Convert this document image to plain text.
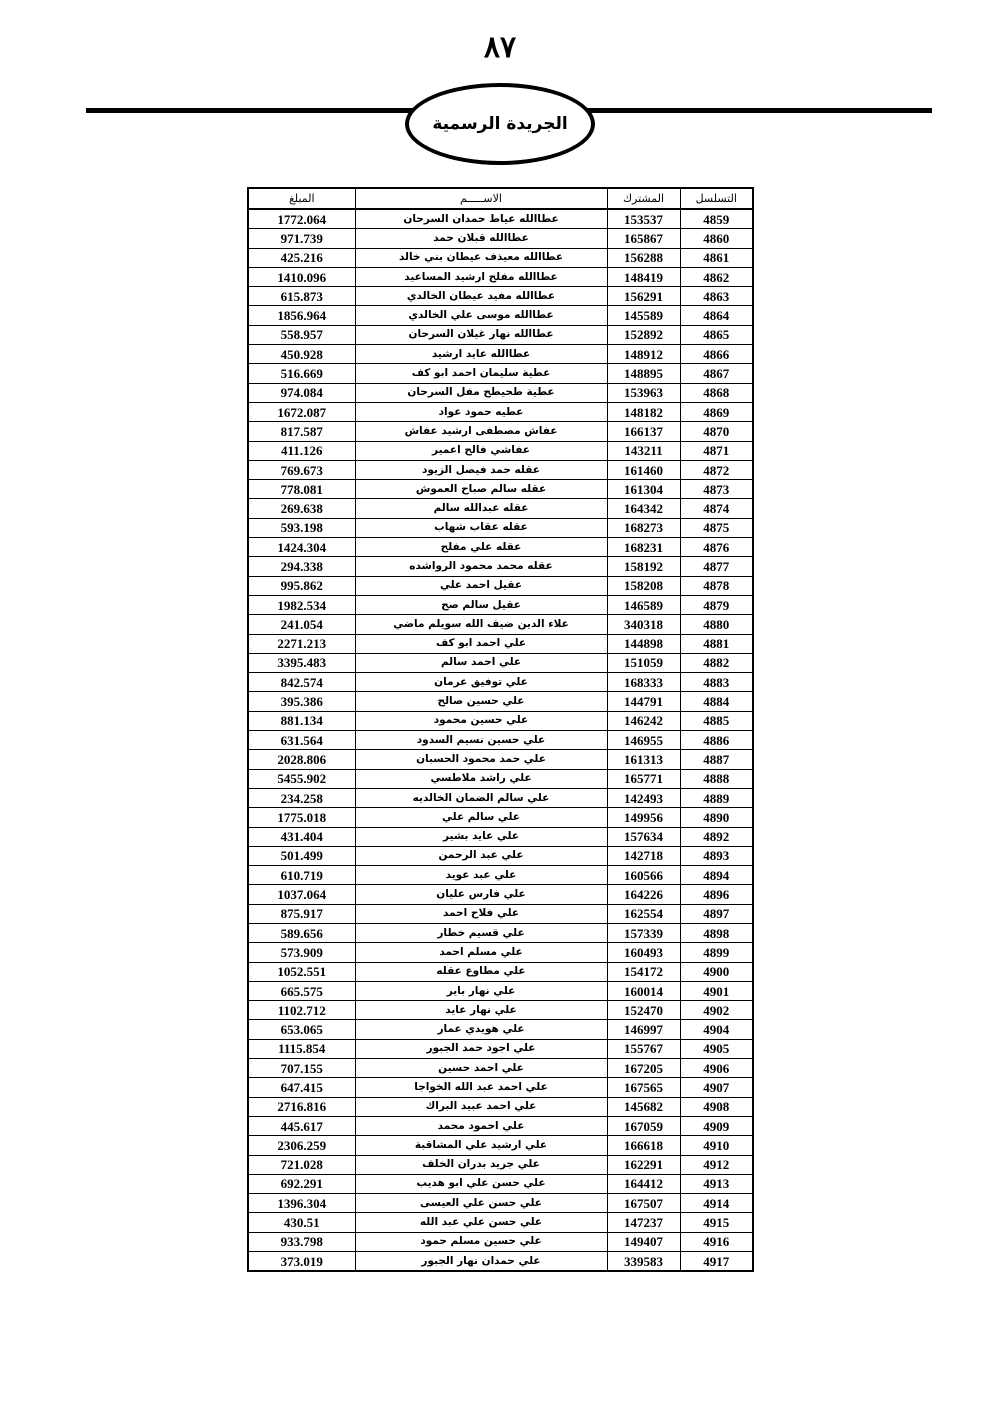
٨٧
الجريدة الرسمية
المبلغ	الاســـــم	المشترك	التسلسل
1772.064	عطاالله عياط حمدان السرحان	153537	4859
971.739	عطاالله قبلان حمد	165867	4860
425.216	عطاالله معيذف عيطان بني خالد	156288	4861
1410.096	عطاالله مفلح ارشيد المساعيد	148419	4862
615.873	عطاالله مفيد عيطان الخالدي	156291	4863
1856.964	عطاالله موسى علي الخالدي	145589	4864
558.957	عطاالله نهار غيلان السرحان	152892	4865
450.928	عطاالله عايد ارشيد	148912	4866
516.669	عطية سليمان احمد ابو كف	148895	4867
974.084	عطية طحيطح مفل السرحان	153963	4868
1672.087	عطيه حمود عواد	148182	4869
817.587	عفاش مصطفى ارشيد عفاش	166137	4870
411.126	عفاشي فالح اعمير	143211	4871
769.673	عقله حمد فيصل الزيود	161460	4872
778.081	عقله سالم صباح العموش	161304	4873
269.638	عقله عبدالله سالم	164342	4874
593.198	عقله عقاب شهاب	168273	4875
1424.304	عقله علي مفلح	168231	4876
294.338	عقله محمد محمود الرواشده	158192	4877
995.862	عقيل احمد علي	158208	4878
1982.534	عقيل سالم صح	146589	4879
241.054	علاء الدين ضيف الله سويلم ماضي	340318	4880
2271.213	علي احمد ابو كف	144898	4881
3395.483	علي احمد سالم	151059	4882
842.574	علي توفيق عرمان	168333	4883
395.386	علي حسين صالح	144791	4884
881.134	علي حسين محمود	146242	4885
631.564	علي حسين نسيم السدود	146955	4886
2028.806	علي حمد محمود الحسبان	161313	4887
5455.902	علي راشد ملاطسي	165771	4888
234.258	علي سالم الضمان الخالديه	142493	4889
1775.018	علي سالم علي	149956	4890
431.404	علي عايد بشير	157634	4892
501.499	علي عبد الرحمن	142718	4893
610.719	علي عبد عويد	160566	4894
1037.064	علي فارس عليان	164226	4896
875.917	علي فلاح احمد	162554	4897
589.656	علي قسيم خطار	157339	4898
573.909	علي مسلم احمد	160493	4899
1052.551	علي مطاوع عقله	154172	4900
665.575	علي نهار باير	160014	4901
1102.712	علي نهار عايد	152470	4902
653.065	علي هويدي عمار	146997	4904
1115.854	علي اجود حمد الجبور	155767	4905
707.155	علي احمد حسين	167205	4906
647.415	علي احمد عبد الله الخواجا	167565	4907
2716.816	علي احمد عبيد البراك	145682	4908
445.617	علي احمود محمد	167059	4909
2306.259	علي ارشيد علي المشاقبة	166618	4910
721.028	علي جريد بدران الخلف	162291	4912
692.291	علي حسن علي ابو هديب	164412	4913
1396.304	علي حسن علي العيسى	167507	4914
430.51	علي حسن علي عبد الله	147237	4915
933.798	علي حسين مسلم حمود	149407	4916
373.019	علي حمدان نهار الجبور	339583	4917
